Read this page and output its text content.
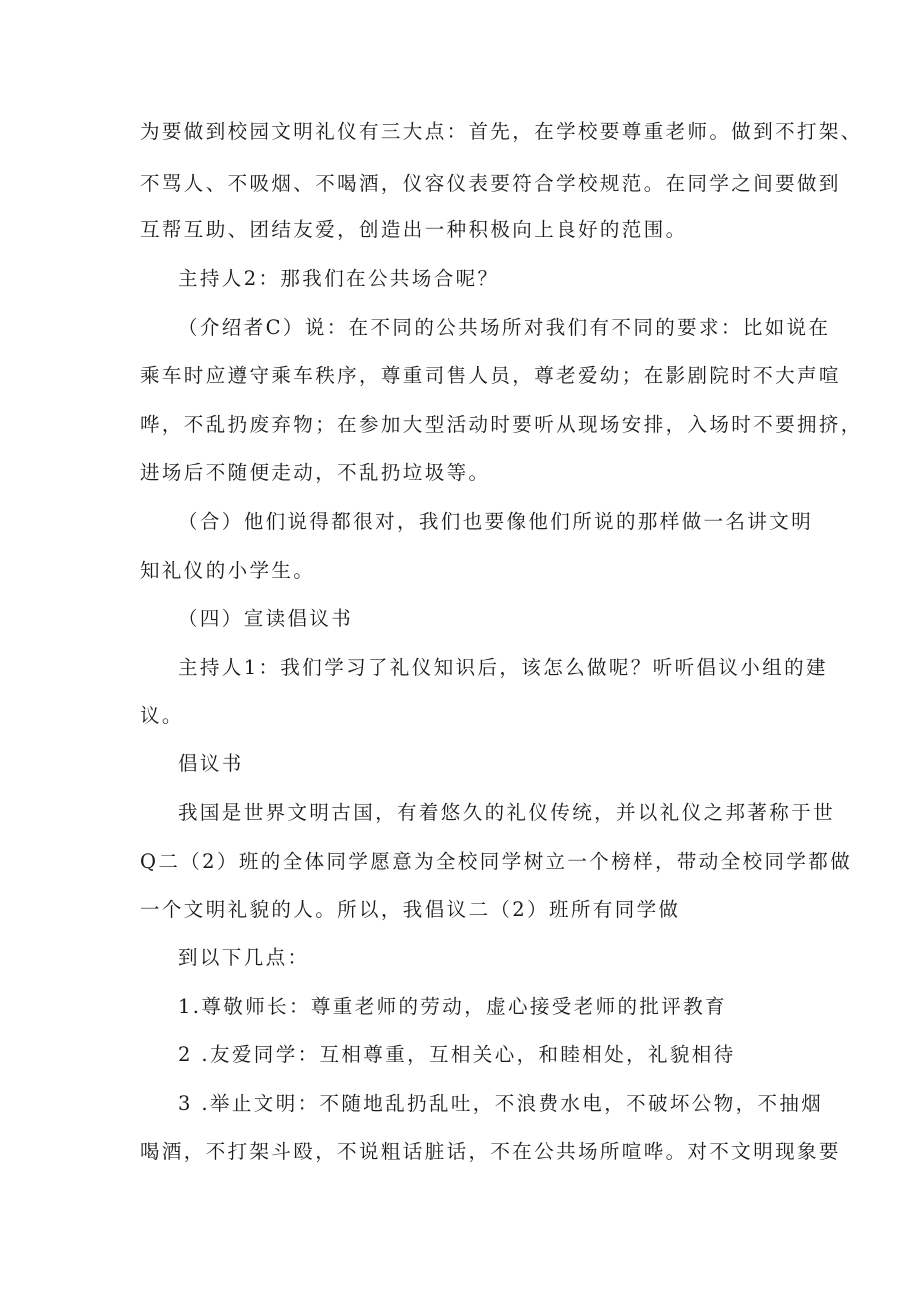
为要做到校园文明礼仪有三大点：首先，在学校要尊重老师。做到不打架、
不骂人、不吸烟、不喝酒，仪容仪表要符合学校规范。在同学之间要做到
互帮互助、团结友爱，创造出一种积极向上良好的范围。
主持人2：那我们在公共场合呢？
（介绍者C）说：在不同的公共场所对我们有不同的要求：比如说在
乘车时应遵守乘车秩序，尊重司售人员，尊老爱幼；在影剧院时不大声喧
哗，不乱扔废弃物；在参加大型活动时要听从现场安排，入场时不要拥挤，
进场后不随便走动，不乱扔垃圾等。
（合）他们说得都很对，我们也要像他们所说的那样做一名讲文明
知礼仪的小学生。
（四）宣读倡议书
主持人1：我们学习了礼仪知识后，该怎么做呢？听听倡议小组的建
议。
倡议书
我国是世界文明古国，有着悠久的礼仪传统，并以礼仪之邦著称于世
Q二（2）班的全体同学愿意为全校同学树立一个榜样，带动全校同学都做
一个文明礼貌的人。所以，我倡议二（2）班所有同学做
到以下几点：
1.尊敬师长：尊重老师的劳动，虚心接受老师的批评教育
2 .友爱同学：互相尊重，互相关心，和睦相处，礼貌相待
3 .举止文明：不随地乱扔乱吐，不浪费水电，不破坏公物，不抽烟
喝酒，不打架斗殴，不说粗话脏话，不在公共场所喧哗。对不文明现象要
